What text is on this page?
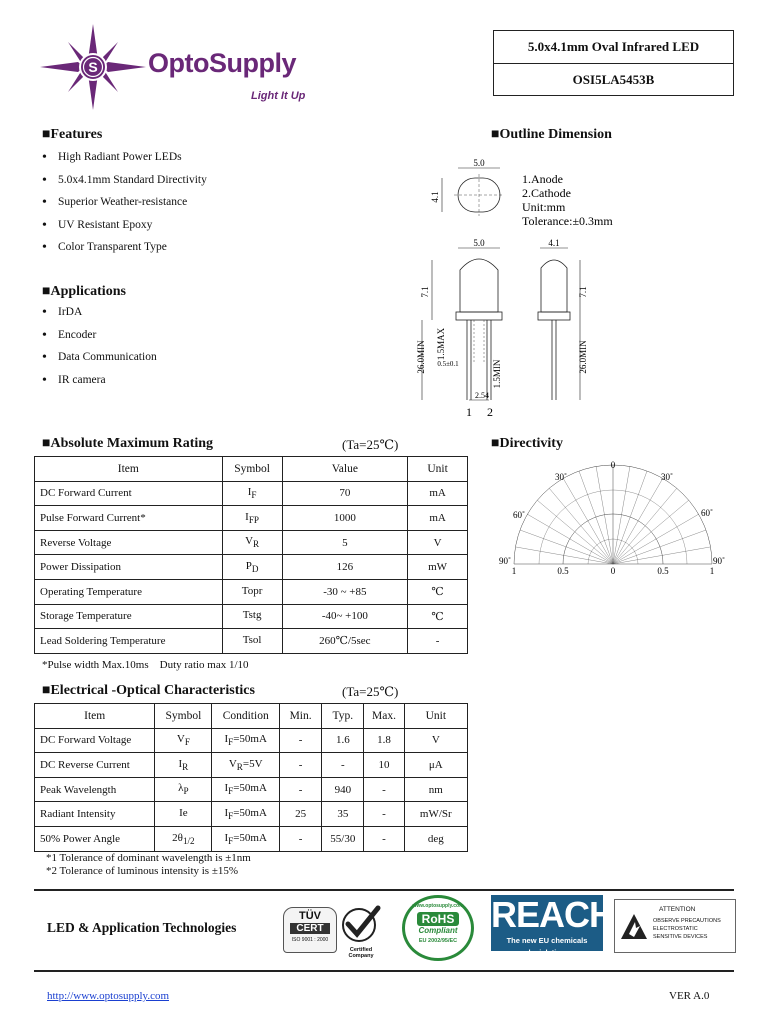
S OptoSupply
Light It Up
5.0x4.1mm Oval Infrared LED
OSI5LA5453B
■Features
• High Radiant Power LEDs
• 5.0x4.1mm Standard Directivity
• Superior Weather-resistance
• UV Resistant Epoxy
• Color Transparent Type
■Applications
• IrDA
• Encoder
• Data Communication
• IR camera
■Outline Dimension
5.0
4.1
1.Anode
2.Cathode
Unit:mm
Tolerance:±0.3mm
5.0
7.1
26.0MIN 1.5MAX
0.5±0.1	1.5MIN
2.54
1 2
4.1
7.1
26.0MIN
■Absolute Maximum Rating	(Ta=25℃)
Item	Symbol	Value	Unit
DC Forward Current	$I_F$	70	mA
Pulse Forward Current*	$I_{FP}$	1000	mA
Reverse Voltage	$V_R$	5	V
Power Dissipation	$P_D$	126	mW
Operating Temperature	Topr	-30 ~ +85	℃
Storage Temperature	Tstg	-40~ +100	℃
Lead Soldering Temperature	Tsol	260℃/5sec	-
*Pulse width Max.10ms    Duty ratio max 1/10
■Directivity
0
30˚	30˚
60˚	60˚
90˚	90˚
1	0.5	0	0.5	1
■Electrical -Optical Characteristics	(Ta=25℃)
Item	Symbol	Condition	Min.	Typ.	Max.	Unit
DC Forward Voltage	$V_F$	$I_F=50mA$	-	1.6	1.8	V
DC Reverse Current	$I_R$	$V_R=5V$	-	-	10	μA
Peak Wavelength	$\lambda_P$	$I_F=50mA$	-	940	-	nm
Radiant Intensity	Ie	$I_F=50mA$	25	35	-	mW/Sr
50% Power Angle	$2\theta_{1/2}$	$I_F=50mA$	-	55/30	-	deg
*1 Tolerance of dominant wavelength is ±1nm
*2 Tolerance of luminous intensity is ±15%
LED & Application Technologies
TÜV
CERT
ISO 9001 : 2000
Certified Company
www.optosupply.com
RoHS
Compliant
EU 2002/95/EC
REACH
The new EU chemicals legislation
ATTENTION
OBSERVE PRECAUTIONS
ELECTROSTATIC
SENSITIVE DEVICES
http://www.optosupply.com	VER A.0
